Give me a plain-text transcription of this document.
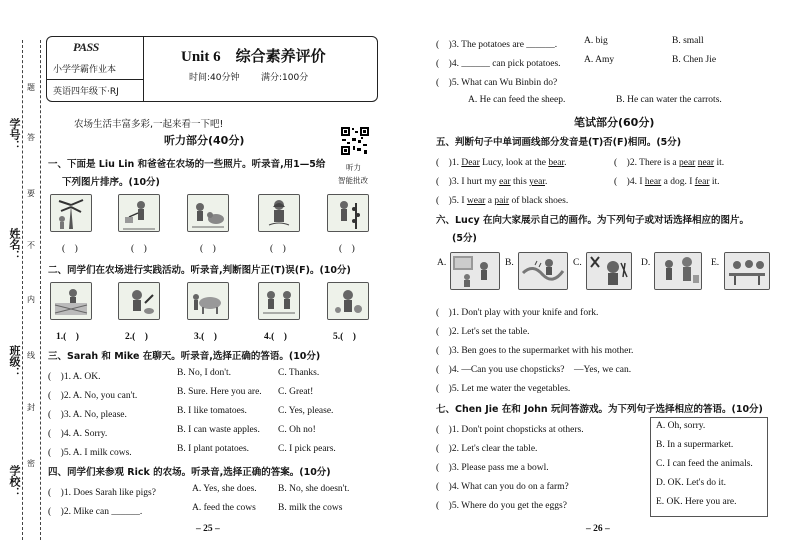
学号：
姓名：
班级：
学校：
题
答
要
不
内
线
封
密
PASS
小学学霸作业本
英语四年级下·RJ
Unit 6　综合素养评价
时间:40分钟 满分:100分
农场生活丰富多彩,一起来看一下吧!
听力
智能批改
听力部分(40分)
一、下面是 Liu Lin 和爸爸在农场的一些照片。听录音,用1—5给
下列图片排序。(10分)
(　)	(　)	(　)	(　)	(　)
二、同学们在农场进行实践活动。听录音,判断图片正(T)误(F)。(10分)
1.(　)	2.(　)	3.(　)	4.(　)	5.(　)
三、Sarah 和 Mike 在聊天。听录音,选择正确的答语。(10分)
(　)1. A. OK.	B. No, I don't.	C. Thanks.
(　)2. A. No, you can't.	B. Sure. Here you are. C. Great!
(　)3. A. No, please.	B. I like tomatoes.	C. Yes, please.
(　)4. A. Sorry.	B. I can waste apples. C. Oh no!
(　)5. A. I milk cows.	B. I plant potatoes.	C. I pick pears.
四、同学们来参观 Rick 的农场。听录音,选择正确的答案。(10分)
(　)1. Does Sarah like pigs?	A. Yes, she does. B. No, she doesn't.
(　)2. Mike can ______.	A. feed the cows B. milk the cows
– 25 –
(　)3. The potatoes are ______.	A. big	B. small
(　)4. ______ can pick potatoes. A. Amy	B. Chen Jie
(　)5. What can Wu Binbin do?
A. He can feed the sheep.	B. He can water the carrots.
笔试部分(60分)
五、判断句子中单词画线部分发音是(T)否(F)相同。(5分)
(　)1. Dear Lucy, look at the bear.	(　)2. There is a pear near it.
(　)3. I hurt my ear this year.	(　)4. I hear a dog. I fear it.
(　)5. I wear a pair of black shoes.
六、Lucy 在向大家展示自己的画作。为下列句子或对话选择相应的图片。
(5分)
A.	B.	C.	D.	E.
(　)1. Don't play with your knife and fork.
(　)2. Let's set the table.
(　)3. Ben goes to the supermarket with his mother.
(　)4. —Can you use chopsticks?　—Yes, we can.
(　)5. Let me water the vegetables.
七、Chen Jie 在和 John 玩问答游戏。为下列句子选择相应的答语。(10分)
(　)1. Don't point chopsticks at others.
(　)2. Let's clear the table.
(　)3. Please pass me a bowl.
(　)4. What can you do on a farm?
(　)5. Where do you get the eggs?
A. Oh, sorry.
B. In a supermarket.
C. I can feed the animals.
D. OK. Let's do it.
E. OK. Here you are.
– 26 –
